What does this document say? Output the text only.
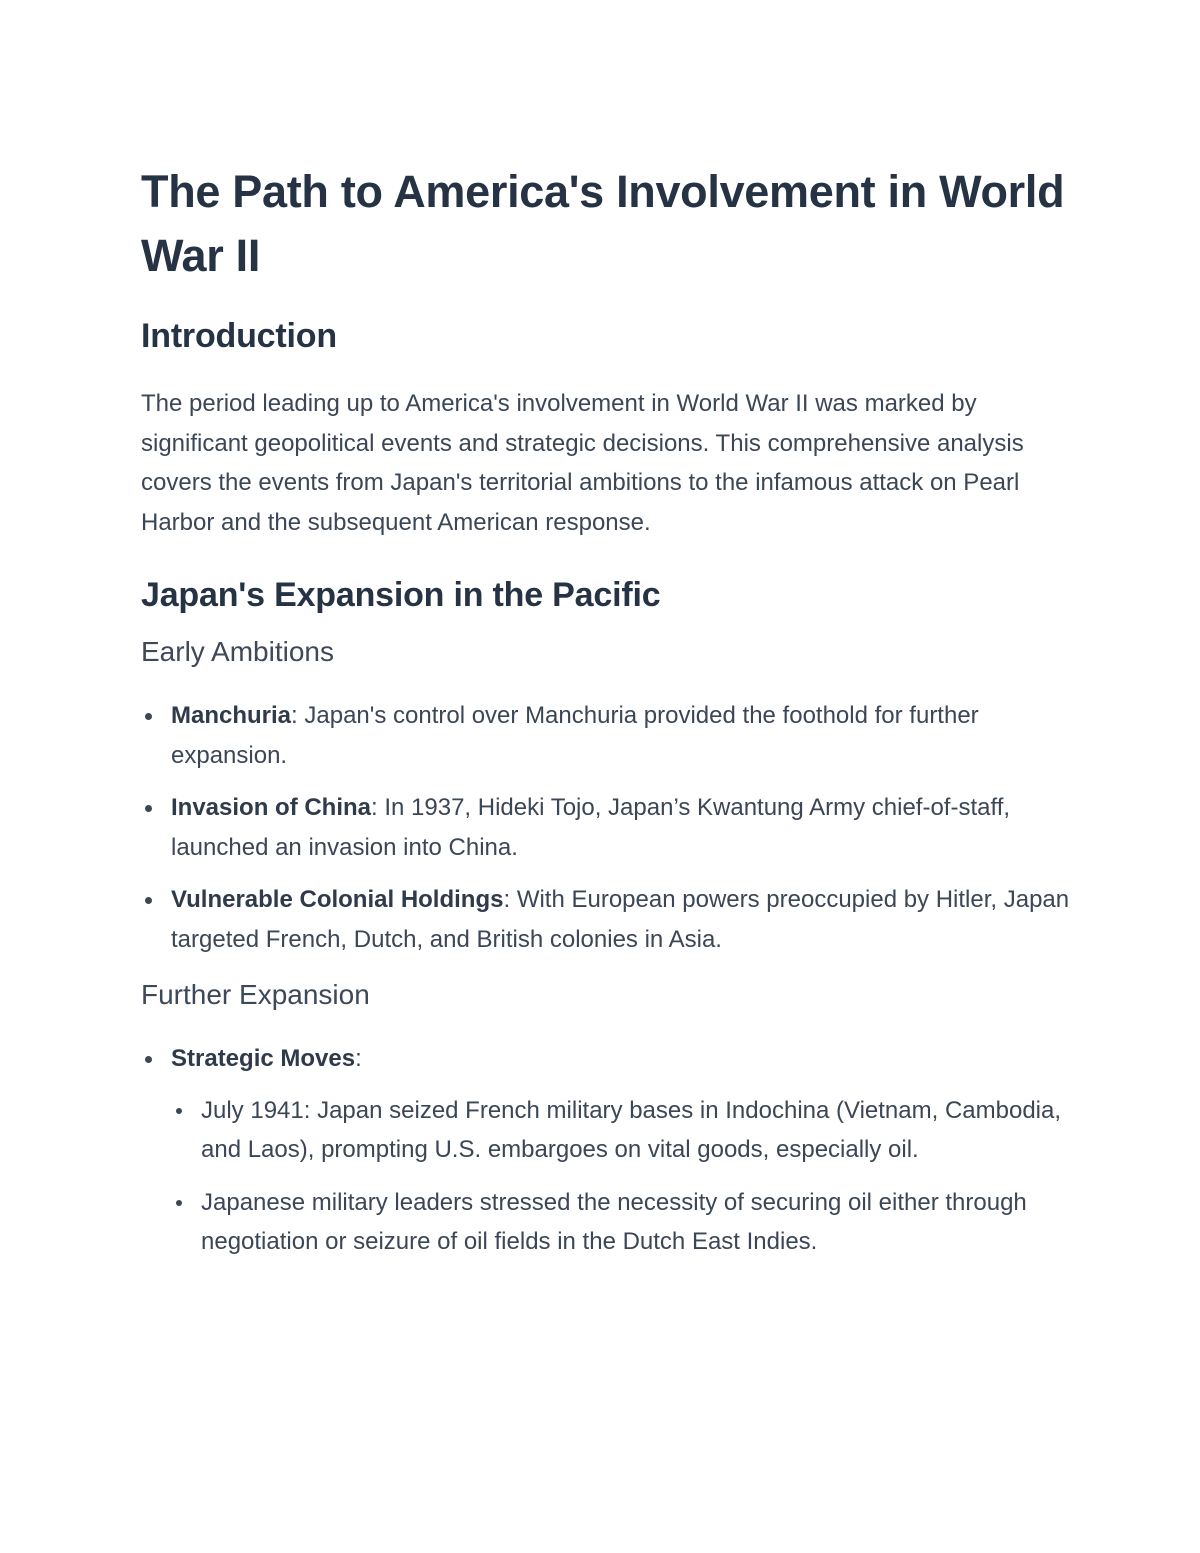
The Path to America's Involvement in World War II
Introduction

The period leading up to America's involvement in World War II was marked by significant geopolitical events and strategic decisions. This comprehensive analysis covers the events from Japan's territorial ambitions to the infamous attack on Pearl Harbor and the subsequent American response.

Japan's Expansion in the Pacific
Early Ambitions
Manchuria: Japan's control over Manchuria provided the foothold for further expansion.
Invasion of China: In 1937, Hideki Tojo, Japan’s Kwantung Army chief-of-staff, launched an invasion into China.
Vulnerable Colonial Holdings: With European powers preoccupied by Hitler, Japan targeted French, Dutch, and British colonies in Asia.
Further Expansion
Strategic Moves:
July 1941: Japan seized French military bases in Indochina (Vietnam, Cambodia, and Laos), prompting U.S. embargoes on vital goods, especially oil.
Japanese military leaders stressed the necessity of securing oil either through negotiation or seizure of oil fields in the Dutch East Indies.
